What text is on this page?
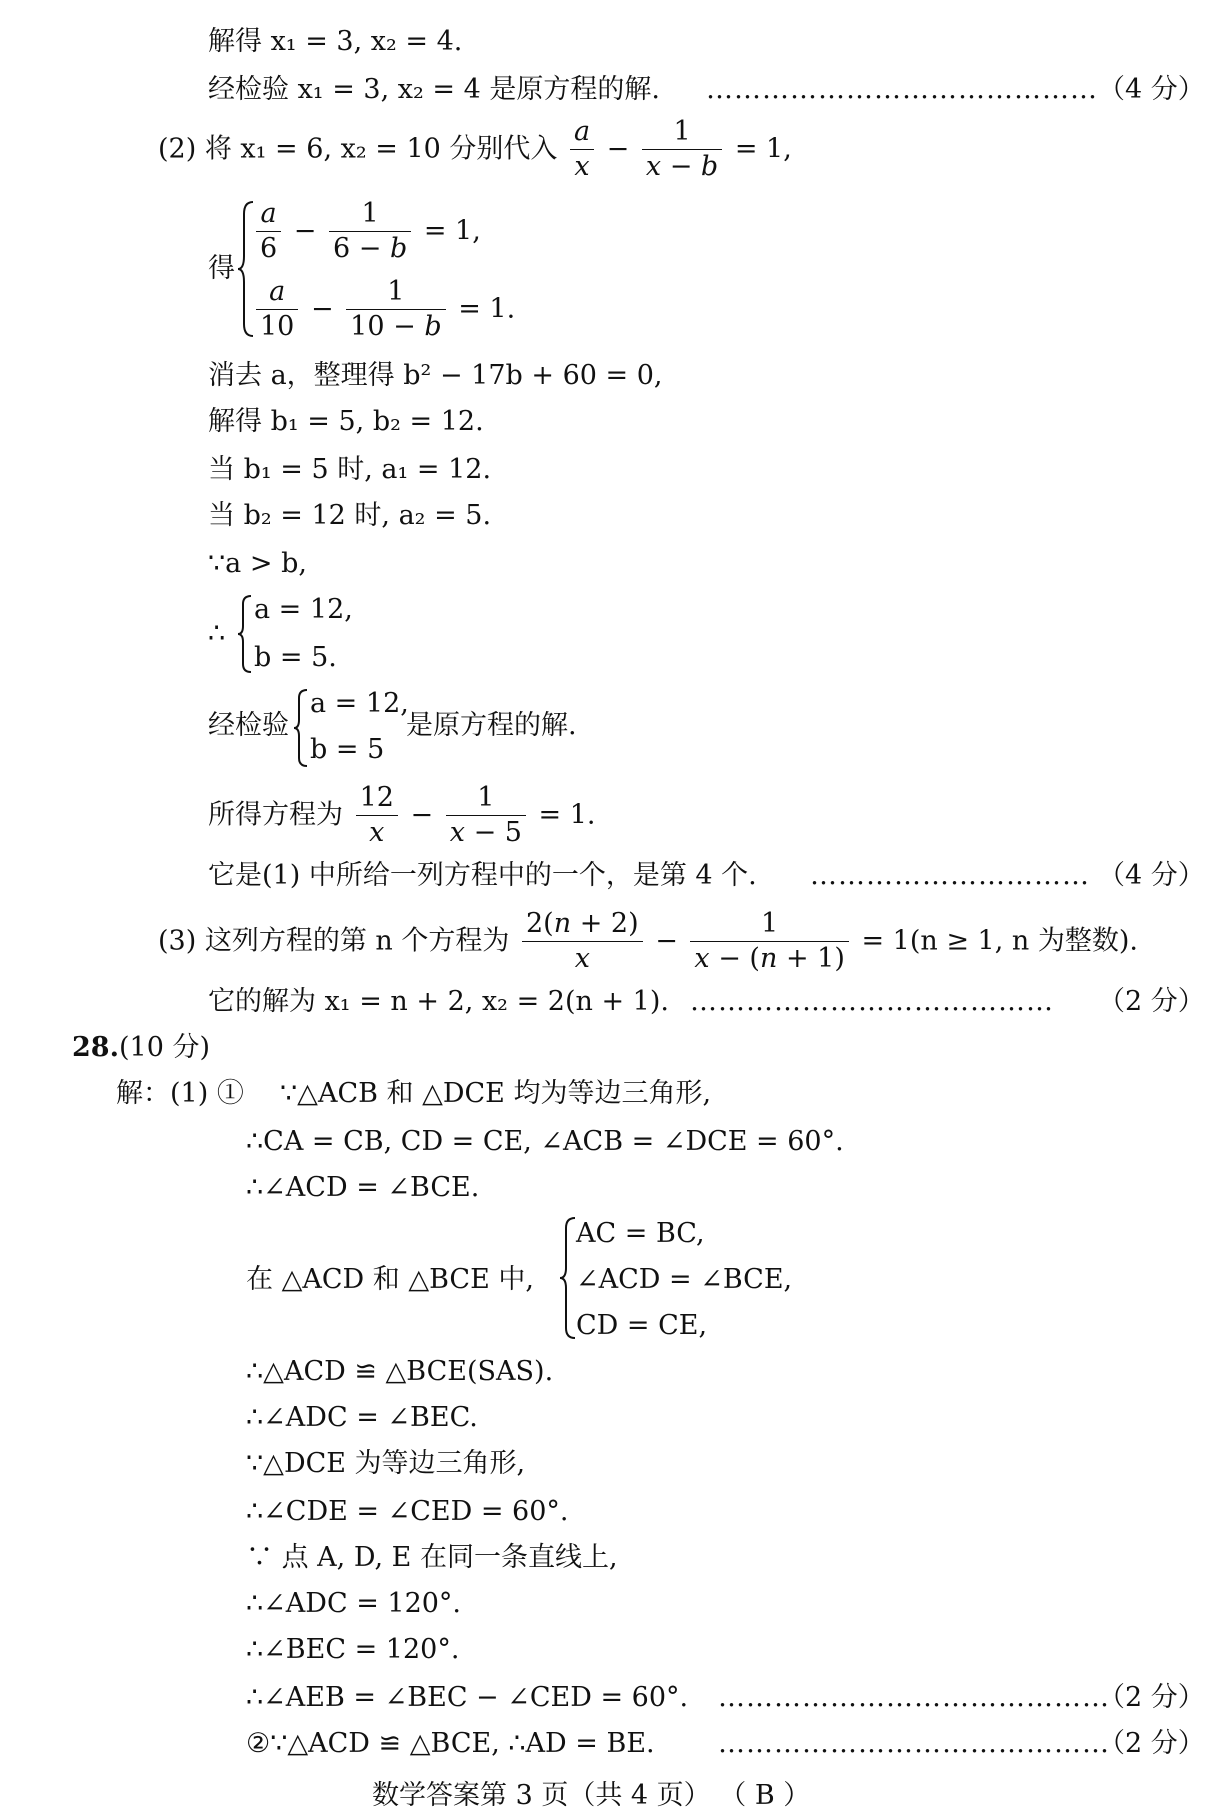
解得 x₁ = 3, x₂ = 4.
经检验 x₁ = 3, x₂ = 4 是原方程的解. …………………………………… （4 分）
(2) 将 x₁ = 6, x₂ = 10 分别代入 $\frac{a}{x} - \frac{1}{x - b} = 1$,
得
$\frac{a}{6} - \frac{1}{6 - b} = 1$,
$\frac{a}{10} - \frac{1}{10 - b} = 1$.
消去 a，整理得 b² − 17b + 60 = 0,
解得 b₁ = 5, b₂ = 12.
当 b₁ = 5 时, a₁ = 12.
当 b₂ = 12 时, a₂ = 5.
∵a > b,
∴
a = 12,
b = 5.
经检验
a = 12,
b = 5
是原方程的解.
所得方程为 $\frac{12}{x} - \frac{1}{x - 5} = 1$.
它是(1) 中所给一列方程中的一个，是第 4 个. ………………………… （4 分）
(3) 这列方程的第 n 个方程为 $\frac{2(n + 2)}{x} - \frac{1}{x - (n + 1)} = 1(n \ge 1$, n 为整数).
它的解为 x₁ = n + 2, x₂ = 2(n + 1). ………………………………… （2 分）
28.(10 分)
解：(1) ① ∵△ACB 和 △DCE 均为等边三角形,
∴CA = CB, CD = CE, ∠ACB = ∠DCE = 60°.
∴∠ACD = ∠BCE.
在 △ACD 和 △BCE 中,
AC = BC,
∠ACD = ∠BCE,
CD = CE,
∴△ACD ≌ △BCE(SAS).
∴∠ADC = ∠BEC.
∵△DCE 为等边三角形,
∴∠CDE = ∠CED = 60°.
∵ 点 A, D, E 在同一条直线上,
∴∠ADC = 120°.
∴∠BEC = 120°.
∴∠AEB = ∠BEC − ∠CED = 60°. ……………………………………
（2 分）
②∵△ACD ≌ △BCE, ∴AD = BE. ……………………………………
（2 分）
数学答案第 3 页（共 4 页） （ B ）
